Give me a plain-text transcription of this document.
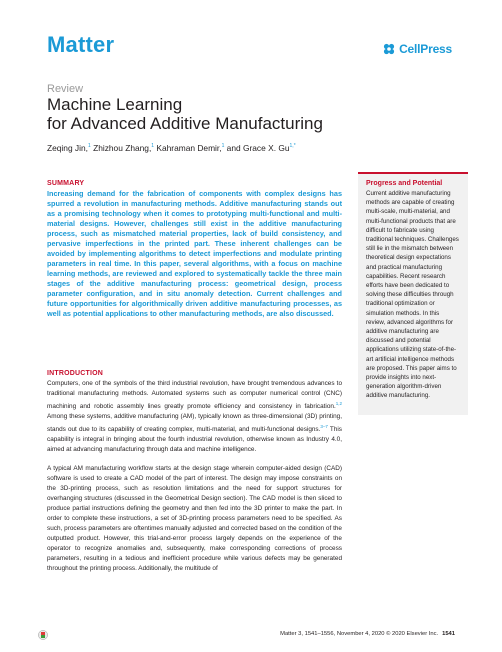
Matter	CellPress
Review
Machine Learning
for Advanced Additive Manufacturing
Zeqing Jin,$^1$ Zhizhou Zhang,$^1$ Kahraman Demir,$^1$ and Grace X. $Gu^{1,*}$
SUMMARY
Increasing demand for the fabrication of components with complex designs has spurred a revolution in manufacturing methods. Additive manufacturing stands out as a promising technology when it comes to prototyping multi-functional and multi-material designs. However, challenges still exist in the additive manufacturing process, such as mismatched material properties, lack of build consistency, and pervasive imperfections in the printed part. These inherent challenges can be avoided by implementing algorithms to detect imperfections and modulate printing parameters in real time. In this paper, several algorithms, with a focus on machine learning methods, are reviewed and explored to systematically tackle the three main stages of the additive manufacturing process: geometrical design, process parameter configuration, and in situ anomaly detection. Current challenges and future opportunities for algorithmically driven additive manufacturing processes, as well as potential applications to other manufacturing methods, are also discussed.
INTRODUCTION

Computers, one of the symbols of the third industrial revolution, have brought tremendous advances to traditional manufacturing methods. Automated systems such as computer numerical control (CNC) machining and robotic assembly lines greatly promote efficiency and consistency in fabrication.$^{1,2}$ Among these systems, additive manufacturing (AM), typically known as three-dimensional (3D) printing, stands out due to its capability of creating complex, multi-material, and multi-functional designs.$^{3-7}$ This capability is integral in bringing about the fourth industrial revolution, otherwise known as Industry 4.0, aimed at advancing manufacturing through data and machine intelligence.

A typical AM manufacturing workflow starts at the design stage wherein computer-aided design (CAD) software is used to create a CAD model of the part of interest. The design may impose constraints on the 3D-printing process, such as resolution limitations and the need for support structures for overhanging structures (discussed in the Geometrical Design section). The CAD model is then sliced to produce partial instructions defining the geometry and then fed into the 3D printer to make the part. In order to complete these instructions, a set of 3D-printing process parameters need to be specified. As such, process parameters are oftentimes manually adjusted and corrected based on the condition of the outputted product. However, this trial-and-error process largely depends on the experience of the operator to recognize anomalies and, subsequently, make corresponding corrections of process parameters, resulting in a tedious and inefficient procedure while various defects may be generated throughout the printing process. Additionally, the multitude of

Progress and Potential
Current additive manufacturing methods are capable of creating multi-scale, multi-material, and multi-functional products that are difficult to fabricate using traditional techniques. Challenges still lie in the mismatch between theoretical design expectations and practical manufacturing capabilities. Recent research efforts have been dedicated to solving these difficulties through traditional optimization or simulation methods. In this review, advanced algorithms for additive manufacturing are discussed and potential applications utilizing state-of-the-art artificial intelligence methods are proposed. This paper aims to provide insights into next-generation algorithm-driven additive manufacturing.
Matter 3, 1541–1556, November 4, 2020 © 2020 Elsevier Inc. 1541
